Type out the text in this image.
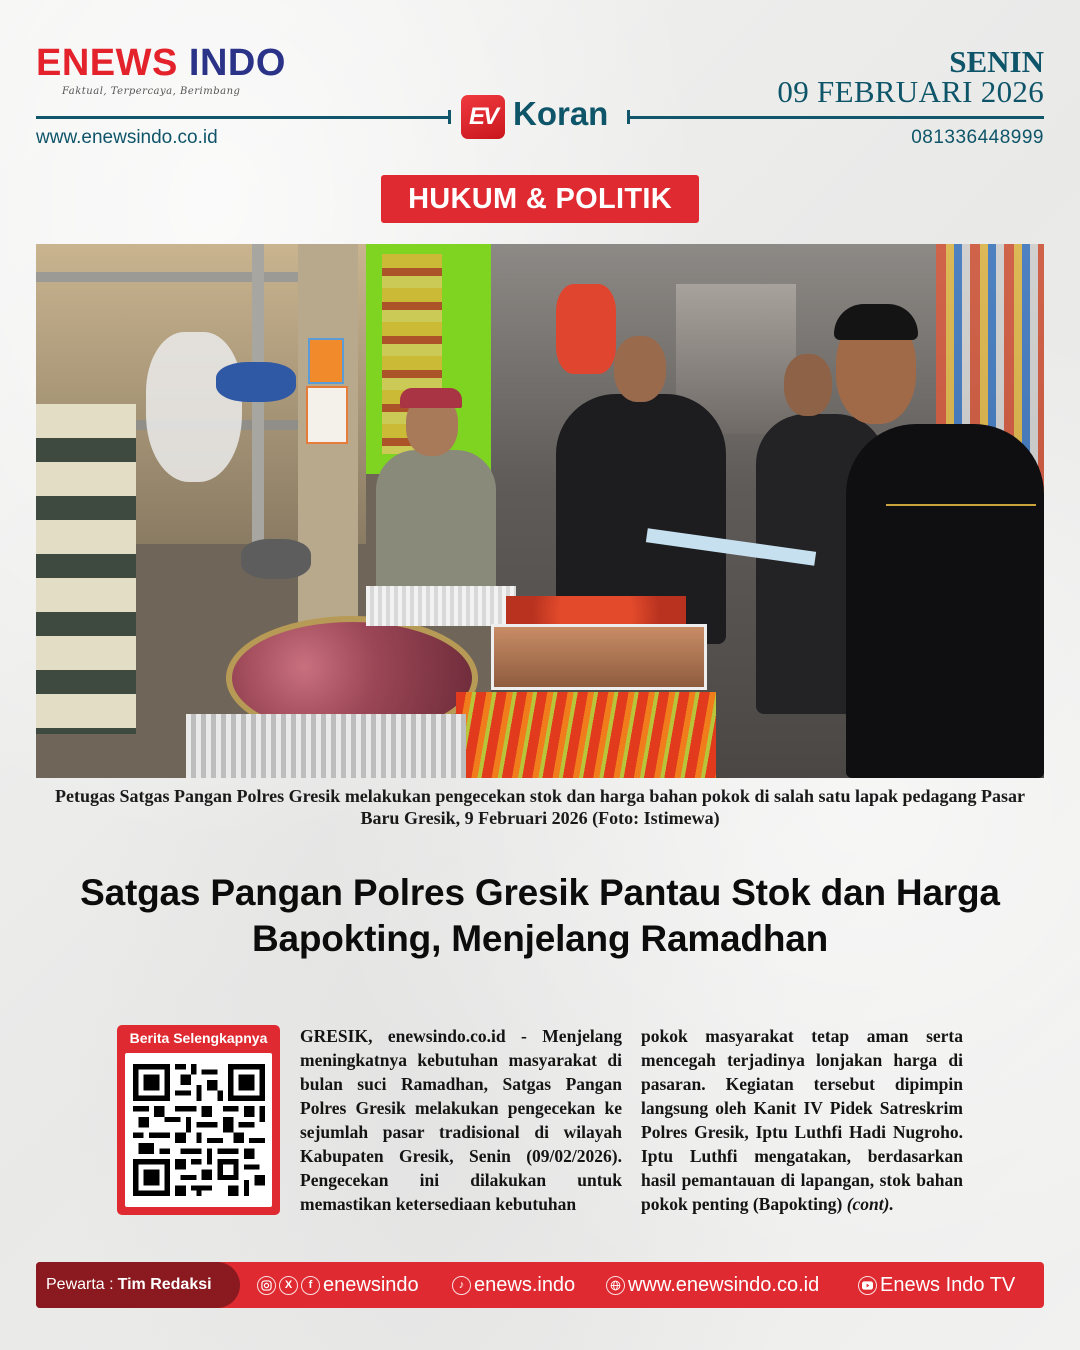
ENEWS INDO
Faktual, Terpercaya, Berimbang
SENIN
09 FEBRUARI 2026
EV Koran
www.enewsindo.co.id	081336448999
HUKUM & POLITIK
Petugas Satgas Pangan Polres Gresik melakukan pengecekan stok dan harga bahan pokok di salah satu lapak pedagang Pasar Baru Gresik, 9 Februari 2026 (Foto: Istimewa)
Satgas Pangan Polres Gresik Pantau Stok dan Harga Bapokting, Menjelang Ramadhan
Berita Selengkapnya	GRESIK, enewsindo.co.id - Menjelang meningkatnya kebutuhan masyarakat di bulan suci Ramadhan, Satgas Pangan Polres Gresik melakukan pengecekan ke sejumlah pasar tradisional di wilayah Kabupaten Gresik, Senin (09/02/2026). Pengecekan ini dilakukan untuk memastikan ketersediaan kebutuhan

pokok masyarakat tetap aman serta mencegah terjadinya lonjakan harga di pasaran. Kegiatan tersebut dipimpin langsung oleh Kanit IV Pidek Satreskrim Polres Gresik, Iptu Luthfi Hadi Nugroho. Iptu Luthfi mengatakan, berdasarkan hasil pemantauan di lapangan, stok bahan pokok penting (Bapokting) (cont).

Pewarta : Tim Redaksi	X	f enewsindo	♪ enews.indo	www.enewsindo.co.id	Enews Indo TV
